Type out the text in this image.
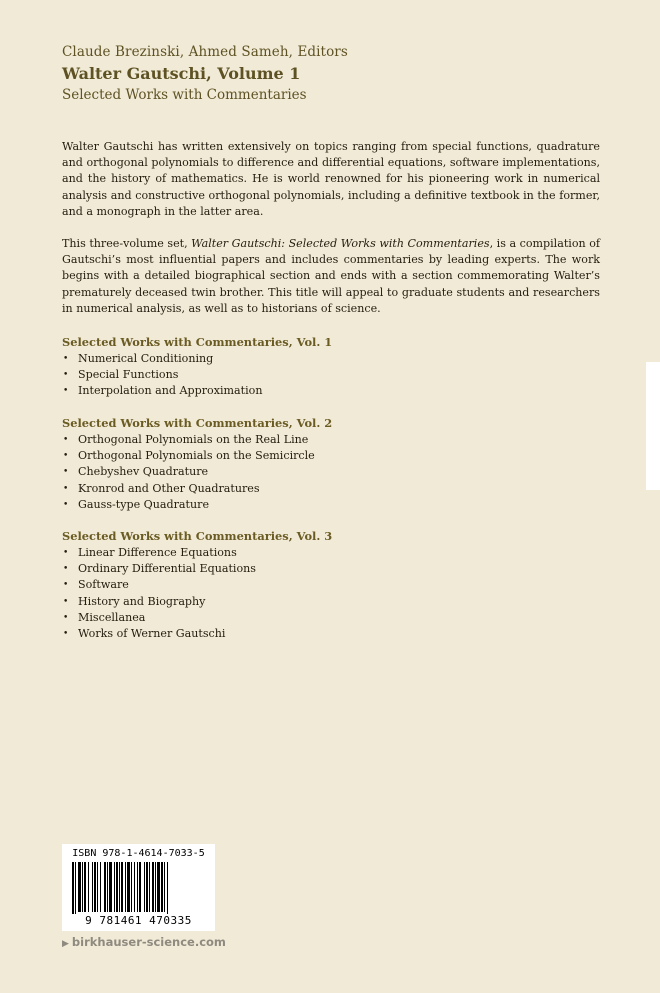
Claude Brezinski, Ahmed Sameh, Editors
Walter Gautschi, Volume 1
Selected Works with Commentaries

Walter Gautschi has written extensively on topics ranging from special functions, quadrature and orthogonal polynomials to difference and differential equations, software implementations, and the history of mathematics. He is world renowned for his pioneering work in numerical analysis and constructive orthogonal polynomials, including a definitive textbook in the former, and a monograph in the latter area.

This three-volume set, Walter Gautschi: Selected Works with Commentaries, is a compilation of Gautschi’s most influential papers and includes commentaries by leading experts. The work begins with a detailed biographical section and ends with a section commemorating Walter’s prematurely deceased twin brother. This title will appeal to graduate students and researchers in numerical analysis, as well as to historians of science.

Selected Works with Commentaries, Vol. 1
• Numerical Conditioning
• Special Functions
• Interpolation and Approximation
Selected Works with Commentaries, Vol. 2
• Orthogonal Polynomials on the Real Line
• Orthogonal Polynomials on the Semicircle
• Chebyshev Quadrature
• Kronrod and Other Quadratures
• Gauss-type Quadrature
Selected Works with Commentaries, Vol. 3
• Linear Difference Equations
• Ordinary Differential Equations
• Software
• History and Biography
• Miscellanea
• Works of Werner Gautschi
ISBN 978-1-4614-7033-5
9 781461 470335
▶ birkhauser-science.com
